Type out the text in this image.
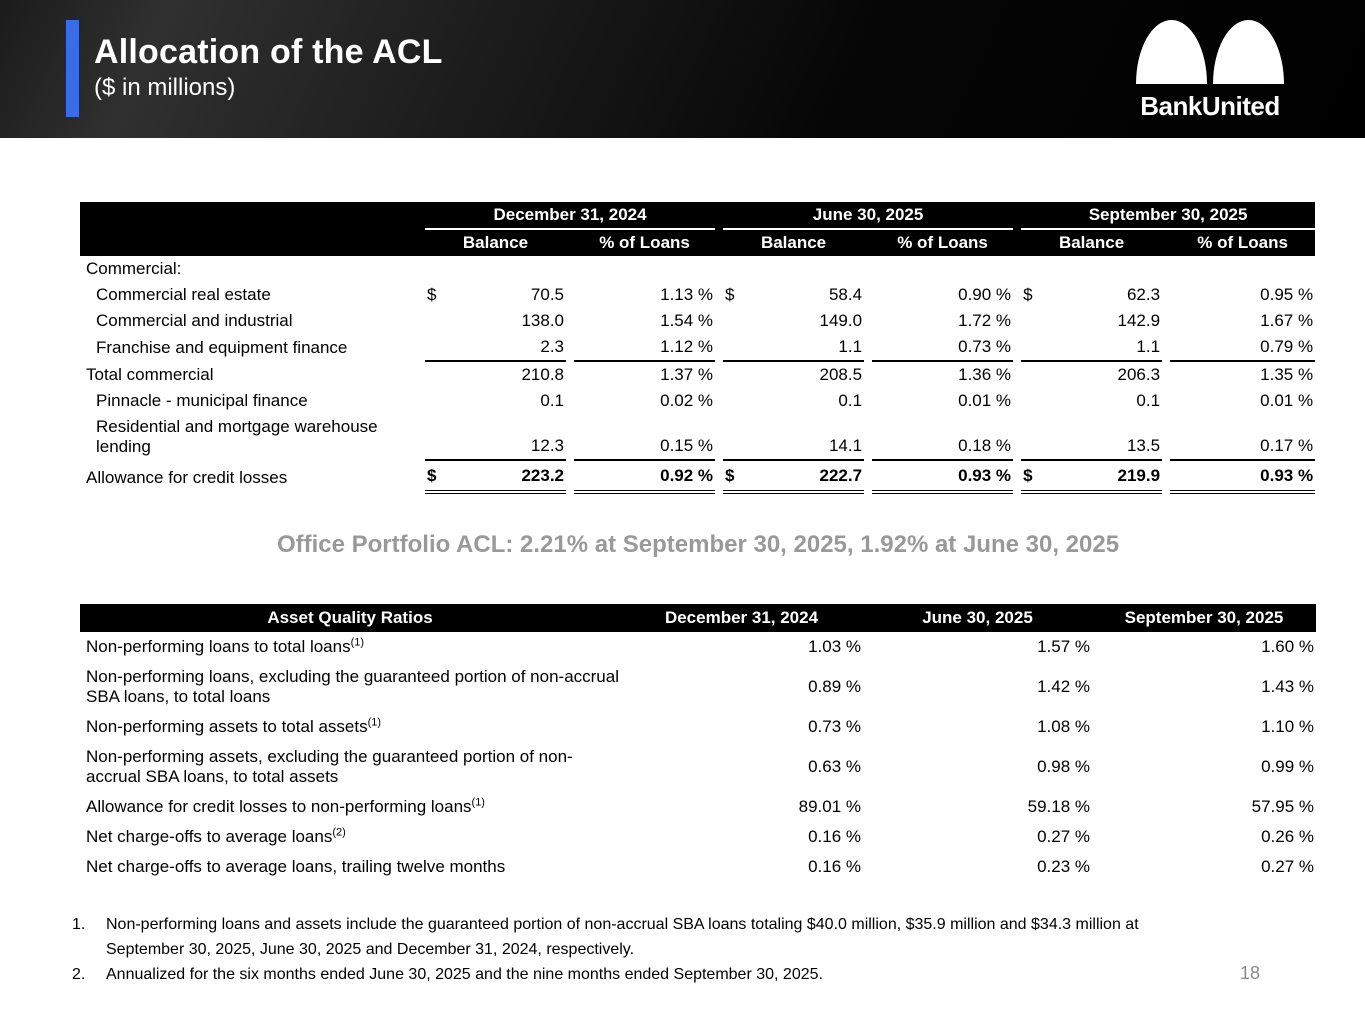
Allocation of the ACL
($ in millions)
BankUnited
	December 31, 2024					June 30, 2025					September 30, 2025			
	Balance			% of Loans		Balance			% of Loans		Balance			% of Loans
Commercial:														
Commercial real estate	$	70.5		1.13 %		$	58.4		0.90 %		$	62.3		0.95 %
Commercial and industrial		138.0		1.54 %			149.0		1.72 %			142.9		1.67 %
Franchise and equipment finance		2.3		1.12 %			1.1		0.73 %			1.1		0.79 %
Total commercial		210.8		1.37 %			208.5		1.36 %			206.3		1.35 %
Pinnacle - municipal finance		0.1		0.02 %			0.1		0.01 %			0.1		0.01 %
Residential and mortgage warehouse lending		12.3		0.15 %			14.1		0.18 %			13.5		0.17 %
Allowance for credit losses	$	223.2		0.92 %		$	222.7		0.93 %		$	219.9		0.93 %
Office Portfolio ACL: 2.21% at September 30, 2025, 1.92% at June 30, 2025
Asset Quality Ratios	December 31, 2024	June 30, 2025	September 30, 2025
Non-performing loans to total loans$^{(1)}$	1.03 %	1.57 %	1.60 %
Non-performing loans, excluding the guaranteed portion of non-accrual SBA loans, to total loans	0.89 %	1.42 %	1.43 %
Non-performing assets to total assets$^{(1)}$	0.73 %	1.08 %	1.10 %
Non-performing assets, excluding the guaranteed portion of non-accrual SBA loans, to total assets	0.63 %	0.98 %	0.99 %
Allowance for credit losses to non-performing loans$^{(1)}$	89.01 %	59.18 %	57.95 %
Net charge-offs to average loans$^{(2)}$	0.16 %	0.27 %	0.26 %
Net charge-offs to average loans, trailing twelve months	0.16 %	0.23 %	0.27 %
1.	Non-performing loans and assets include the guaranteed portion of non-accrual SBA loans totaling $40.0 million, $35.9 million and $34.3 million at September 30, 2025, June 30, 2025 and December 31, 2024, respectively.
2.	Annualized for the six months ended June 30, 2025 and the nine months ended September 30, 2025.	18
